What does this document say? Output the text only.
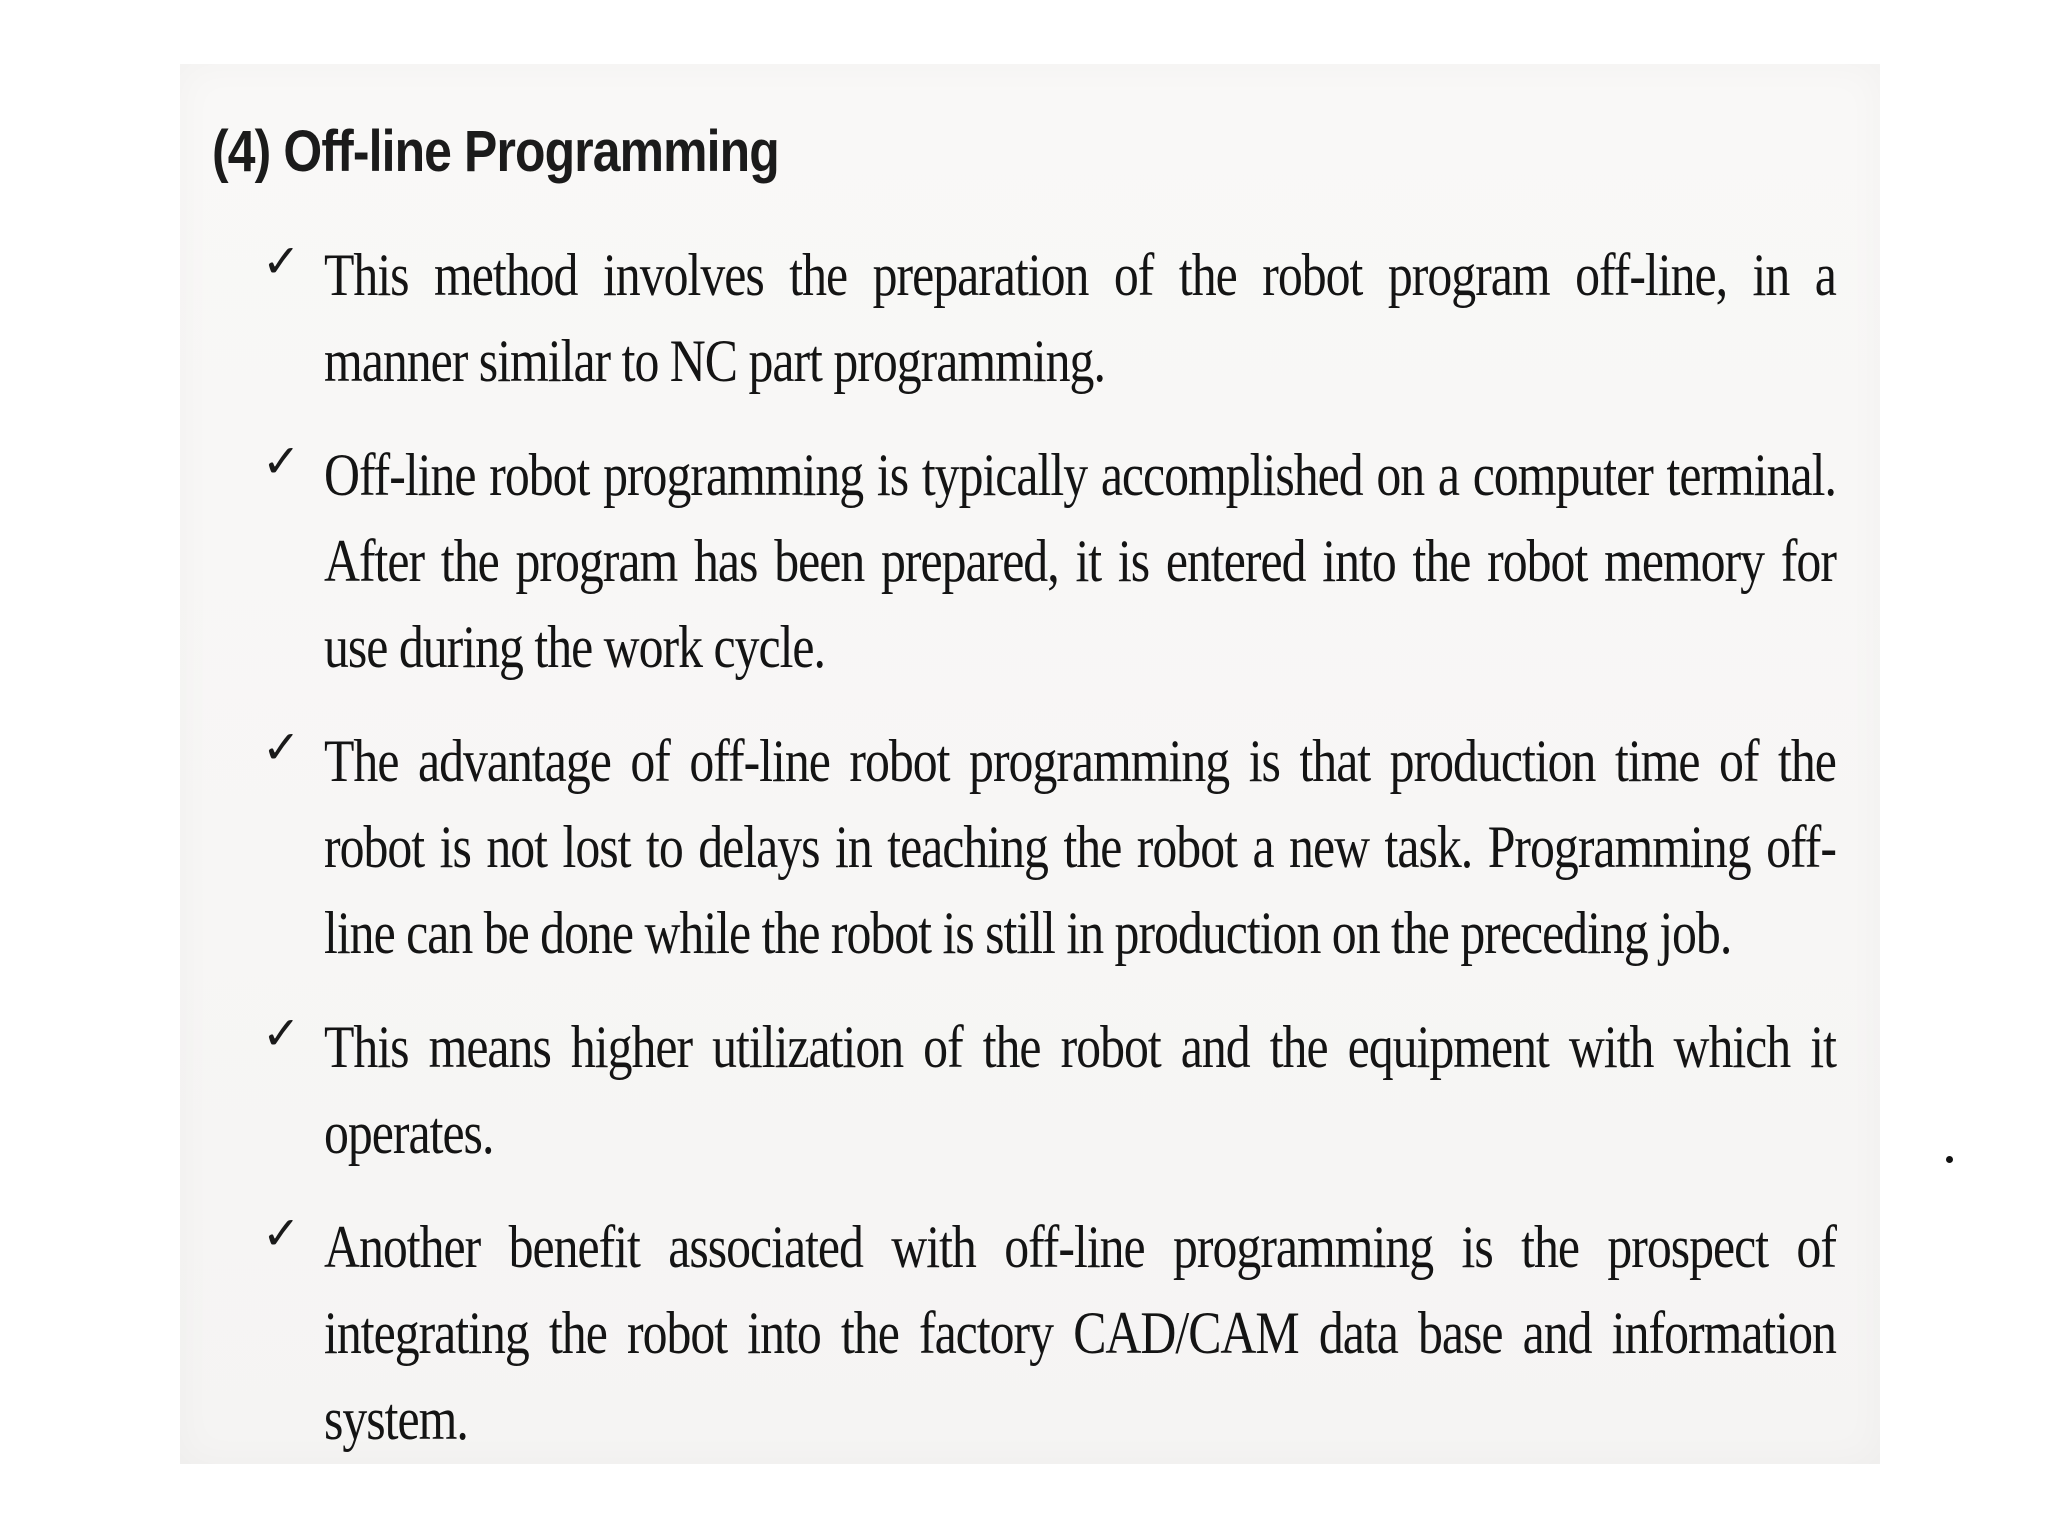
(4) Off-line Programming
✓ This method involves the preparation of the robot program off-line, in a manner similar to NC part programming.
✓ Off-line robot programming is typically accomplished on a computer terminal. After the program has been prepared, it is entered into the robot memory for use during the work cycle.
✓ The advantage of off-line robot programming is that production time of the robot is not lost to delays in teaching the robot a new task. Programming off-line can be done while the robot is still in production on the preceding job.
✓ This means higher utilization of the robot and the equipment with which it operates.
✓ Another benefit associated with off-line programming is the prospect of integrating the robot into the factory CAD/CAM data base and information system.
